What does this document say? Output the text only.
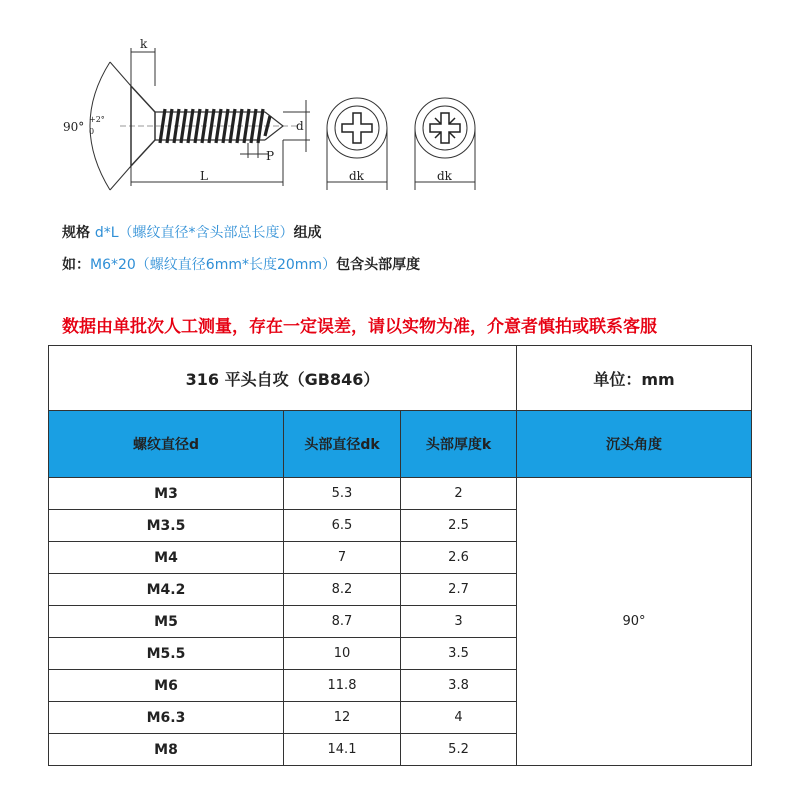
90°
+2°
0
k
d
P
L	dk	dk
规格 d*L（螺纹直径*含头部总长度）组成
如：M6*20（螺纹直径6mm*长度20mm）包含头部厚度
数据由单批次人工测量，存在一定误差，请以实物为准，介意者慎拍或联系客服
316 平头自攻（GB846）			单位：mm
螺纹直径d	头部直径dk	头部厚度k	沉头角度
M3	5.3	2	90°
M3.5	6.5	2.5	
M4	7	2.6	
M4.2	8.2	2.7	
M5	8.7	3	
M5.5	10	3.5	
M6	11.8	3.8	
M6.3	12	4	
M8	14.1	5.2	
